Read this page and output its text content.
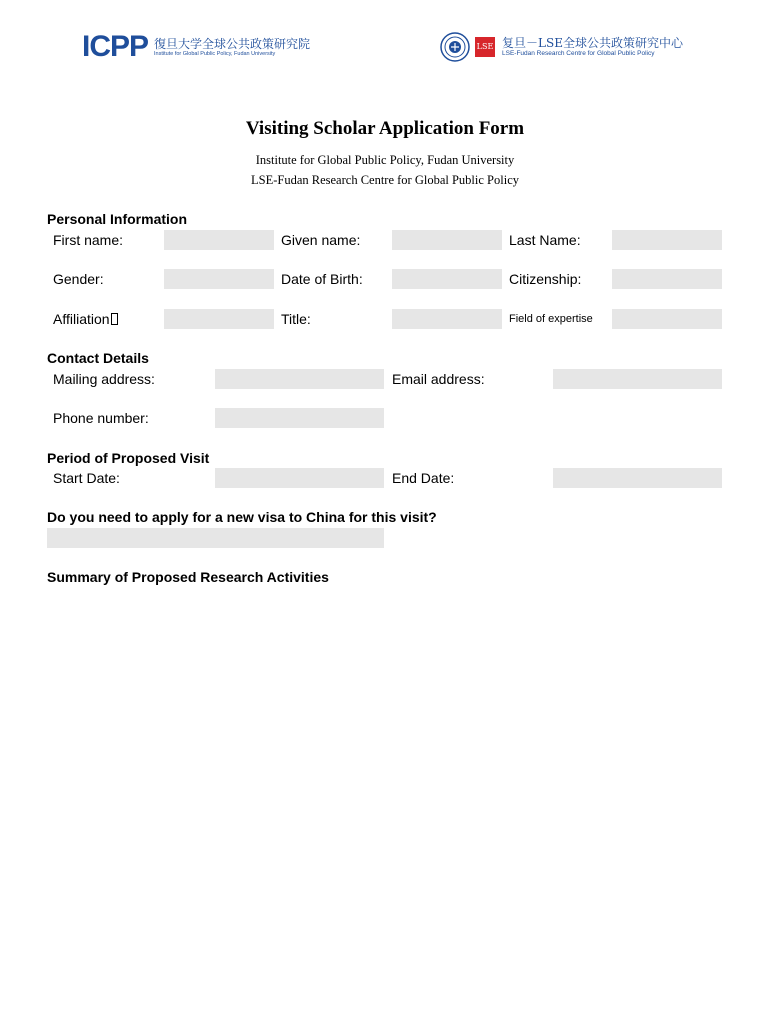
ICPP 復旦大学全球公共政策研究院
Institute for Global Public Policy, Fudan University
LSE 复旦－LSE全球公共政策研究中心
LSE-Fudan Research Centre for Global Public Policy
Visiting Scholar Application Form
Institute for Global Public Policy, Fudan University
LSE-Fudan Research Centre for Global Public Policy
Personal Information
First name:	Given name:	Last Name:
Gender:	Date of Birth:	Citizenship:
Affiliation	Title:	Field of expertise
Contact Details
Mailing address:	Email address:
Phone number:
Period of Proposed Visit
Start Date:	End Date:
Do you need to apply for a new visa to China for this visit?
Summary of Proposed Research Activities
